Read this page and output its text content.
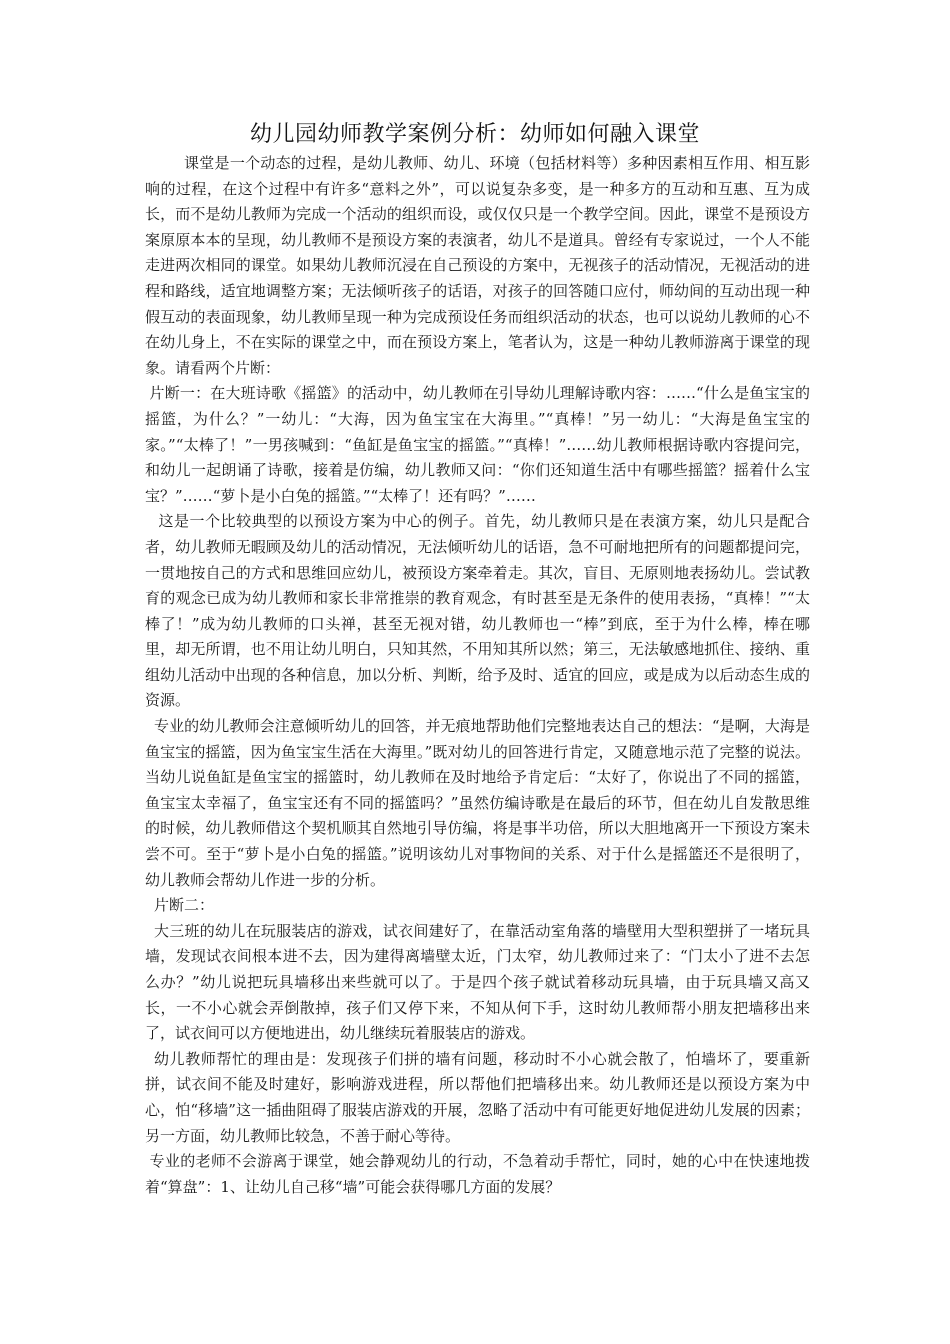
幼儿园幼师教学案例分析：幼师如何融入课堂

课堂是一个动态的过程，是幼儿教师、幼儿、环境（包括材料等）多种因素相互作用、相互影响的过程，在这个过程中有许多“意料之外”，可以说复杂多变，是一种多方的互动和互惠、互为成长，而不是幼儿教师为完成一个活动的组织而设，或仅仅只是一个教学空间。因此，课堂不是预设方案原原本本的呈现，幼儿教师不是预设方案的表演者，幼儿不是道具。曾经有专家说过，一个人不能走进两次相同的课堂。如果幼儿教师沉浸在自己预设的方案中，无视孩子的活动情况，无视活动的进程和路线，适宜地调整方案；无法倾听孩子的话语，对孩子的回答随口应付，师幼间的互动出现一种假互动的表面现象，幼儿教师呈现一种为完成预设任务而组织活动的状态，也可以说幼儿教师的心不在幼儿身上，不在实际的课堂之中，而在预设方案上，笔者认为，这是一种幼儿教师游离于课堂的现象。请看两个片断：

片断一：在大班诗歌《摇篮》的活动中，幼儿教师在引导幼儿理解诗歌内容：……“什么是鱼宝宝的摇篮，为什么？”一幼儿：“大海，因为鱼宝宝在大海里。”“真棒！”另一幼儿：“大海是鱼宝宝的家。”“太棒了！”一男孩喊到：“鱼缸是鱼宝宝的摇篮。”“真棒！”……幼儿教师根据诗歌内容提问完，和幼儿一起朗诵了诗歌，接着是仿编，幼儿教师又问：“你们还知道生活中有哪些摇篮？摇着什么宝宝？”……“萝卜是小白兔的摇篮。”“太棒了！还有吗？”……

这是一个比较典型的以预设方案为中心的例子。首先，幼儿教师只是在表演方案，幼儿只是配合者，幼儿教师无暇顾及幼儿的活动情况，无法倾听幼儿的话语，急不可耐地把所有的问题都提问完，一贯地按自己的方式和思维回应幼儿，被预设方案牵着走。其次，盲目、无原则地表扬幼儿。尝试教育的观念已成为幼儿教师和家长非常推崇的教育观念，有时甚至是无条件的使用表扬，“真棒！”“太棒了！”成为幼儿教师的口头禅，甚至无视对错，幼儿教师也一“棒”到底，至于为什么棒，棒在哪里，却无所谓，也不用让幼儿明白，只知其然，不用知其所以然；第三，无法敏感地抓住、接纳、重组幼儿活动中出现的各种信息，加以分析、判断，给予及时、适宜的回应，或是成为以后动态生成的资源。

专业的幼儿教师会注意倾听幼儿的回答，并无痕地帮助他们完整地表达自己的想法：“是啊，大海是鱼宝宝的摇篮，因为鱼宝宝生活在大海里。”既对幼儿的回答进行肯定，又随意地示范了完整的说法。当幼儿说鱼缸是鱼宝宝的摇篮时，幼儿教师在及时地给予肯定后：“太好了，你说出了不同的摇篮，鱼宝宝太幸福了，鱼宝宝还有不同的摇篮吗？”虽然仿编诗歌是在最后的环节，但在幼儿自发散思维的时候，幼儿教师借这个契机顺其自然地引导仿编，将是事半功倍，所以大胆地离开一下预设方案未尝不可。至于“萝卜是小白兔的摇篮。”说明该幼儿对事物间的关系、对于什么是摇篮还不是很明了，幼儿教师会帮幼儿作进一步的分析。

片断二：

大三班的幼儿在玩服装店的游戏，试衣间建好了，在靠活动室角落的墙壁用大型积塑拼了一堵玩具墙，发现试衣间根本进不去，因为建得离墙壁太近，门太窄，幼儿教师过来了：“门太小了进不去怎么办？”幼儿说把玩具墙移出来些就可以了。于是四个孩子就试着移动玩具墙，由于玩具墙又高又长，一不小心就会弄倒散掉，孩子们又停下来，不知从何下手，这时幼儿教师帮小朋友把墙移出来了，试衣间可以方便地进出，幼儿继续玩着服装店的游戏。

幼儿教师帮忙的理由是：发现孩子们拼的墙有问题，移动时不小心就会散了，怕墙坏了，要重新拼，试衣间不能及时建好，影响游戏进程，所以帮他们把墙移出来。幼儿教师还是以预设方案为中心，怕“移墙”这一插曲阻碍了服装店游戏的开展，忽略了活动中有可能更好地促进幼儿发展的因素；另一方面，幼儿教师比较急，不善于耐心等待。

专业的老师不会游离于课堂，她会静观幼儿的行动，不急着动手帮忙，同时，她的心中在快速地拨着“算盘”：1、让幼儿自己移“墙”可能会获得哪几方面的发展？
